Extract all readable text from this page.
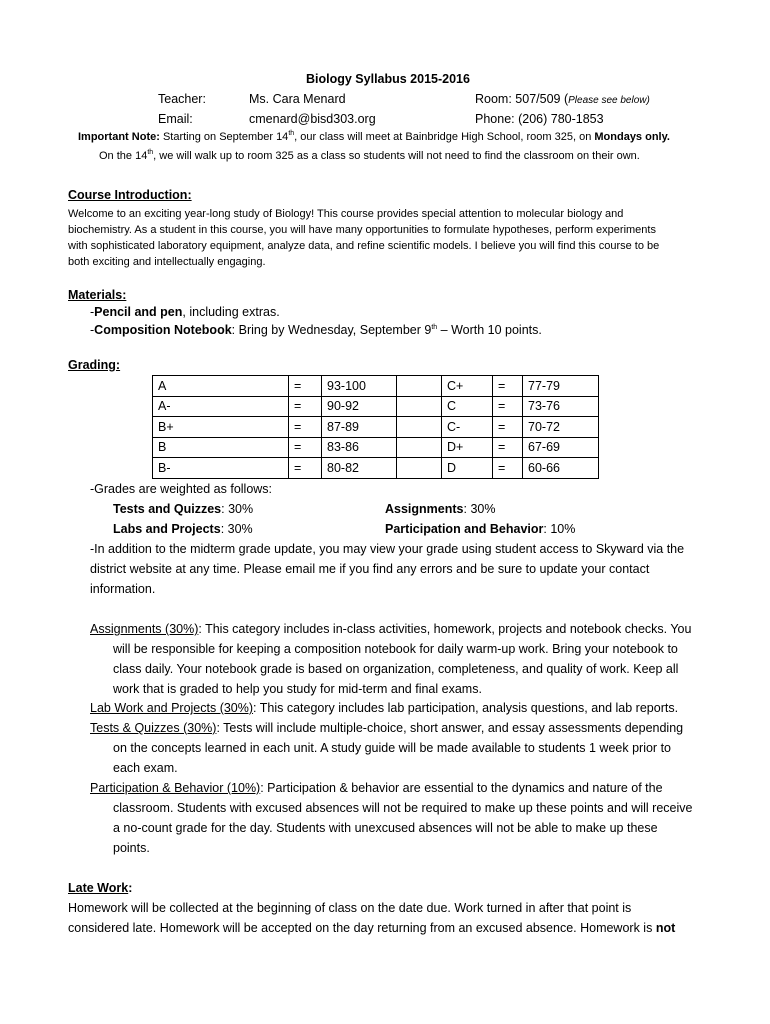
Biology Syllabus 2015-2016
Teacher:	Ms. Cara Menard	Room: 507/509 (Please see below)
Email:	cmenard@bisd303.org	Phone: (206) 780-1853
Important Note: Starting on September 14th, our class will meet at Bainbridge High School, room 325, on Mondays only.
On the 14th, we will walk up to room 325 as a class so students will not need to find the classroom on their own.
Course Introduction:
Welcome to an exciting year-long study of Biology! This course provides special attention to molecular biology and
biochemistry. As a student in this course, you will have many opportunities to formulate hypotheses, perform experiments
with sophisticated laboratory equipment, analyze data, and refine scientific models. I believe you will find this course to be
both exciting and intellectually engaging.
Materials:
-Pencil and pen, including extras.
-Composition Notebook: Bring by Wednesday, September 9th – Worth 10 points.
Grading:
A	=	93-100		C+	=	77-79
A-	=	90-92		C	=	73-76
B+	=	87-89		C-	=	70-72
B	=	83-86		D+	=	67-69
B-	=	80-82		D	=	60-66
-Grades are weighted as follows:
Tests and Quizzes: 30%	Assignments: 30%
Labs and Projects: 30%	Participation and Behavior: 10%
-In addition to the midterm grade update, you may view your grade using student access to Skyward via the
district website at any time. Please email me if you find any errors and be sure to update your contact
information.
Assignments (30%): This category includes in-class activities, homework, projects and notebook checks. You
will be responsible for keeping a composition notebook for daily warm-up work. Bring your notebook to
class daily. Your notebook grade is based on organization, completeness, and quality of work. Keep all
work that is graded to help you study for mid-term and final exams.
Lab Work and Projects (30%): This category includes lab participation, analysis questions, and lab reports.
Tests & Quizzes (30%): Tests will include multiple-choice, short answer, and essay assessments depending
on the concepts learned in each unit. A study guide will be made available to students 1 week prior to
each exam.
Participation & Behavior (10%): Participation & behavior are essential to the dynamics and nature of the
classroom. Students with excused absences will not be required to make up these points and will receive
a no-count grade for the day. Students with unexcused absences will not be able to make up these
points.
Late Work:
Homework will be collected at the beginning of class on the date due. Work turned in after that point is
considered late. Homework will be accepted on the day returning from an excused absence. Homework is not
